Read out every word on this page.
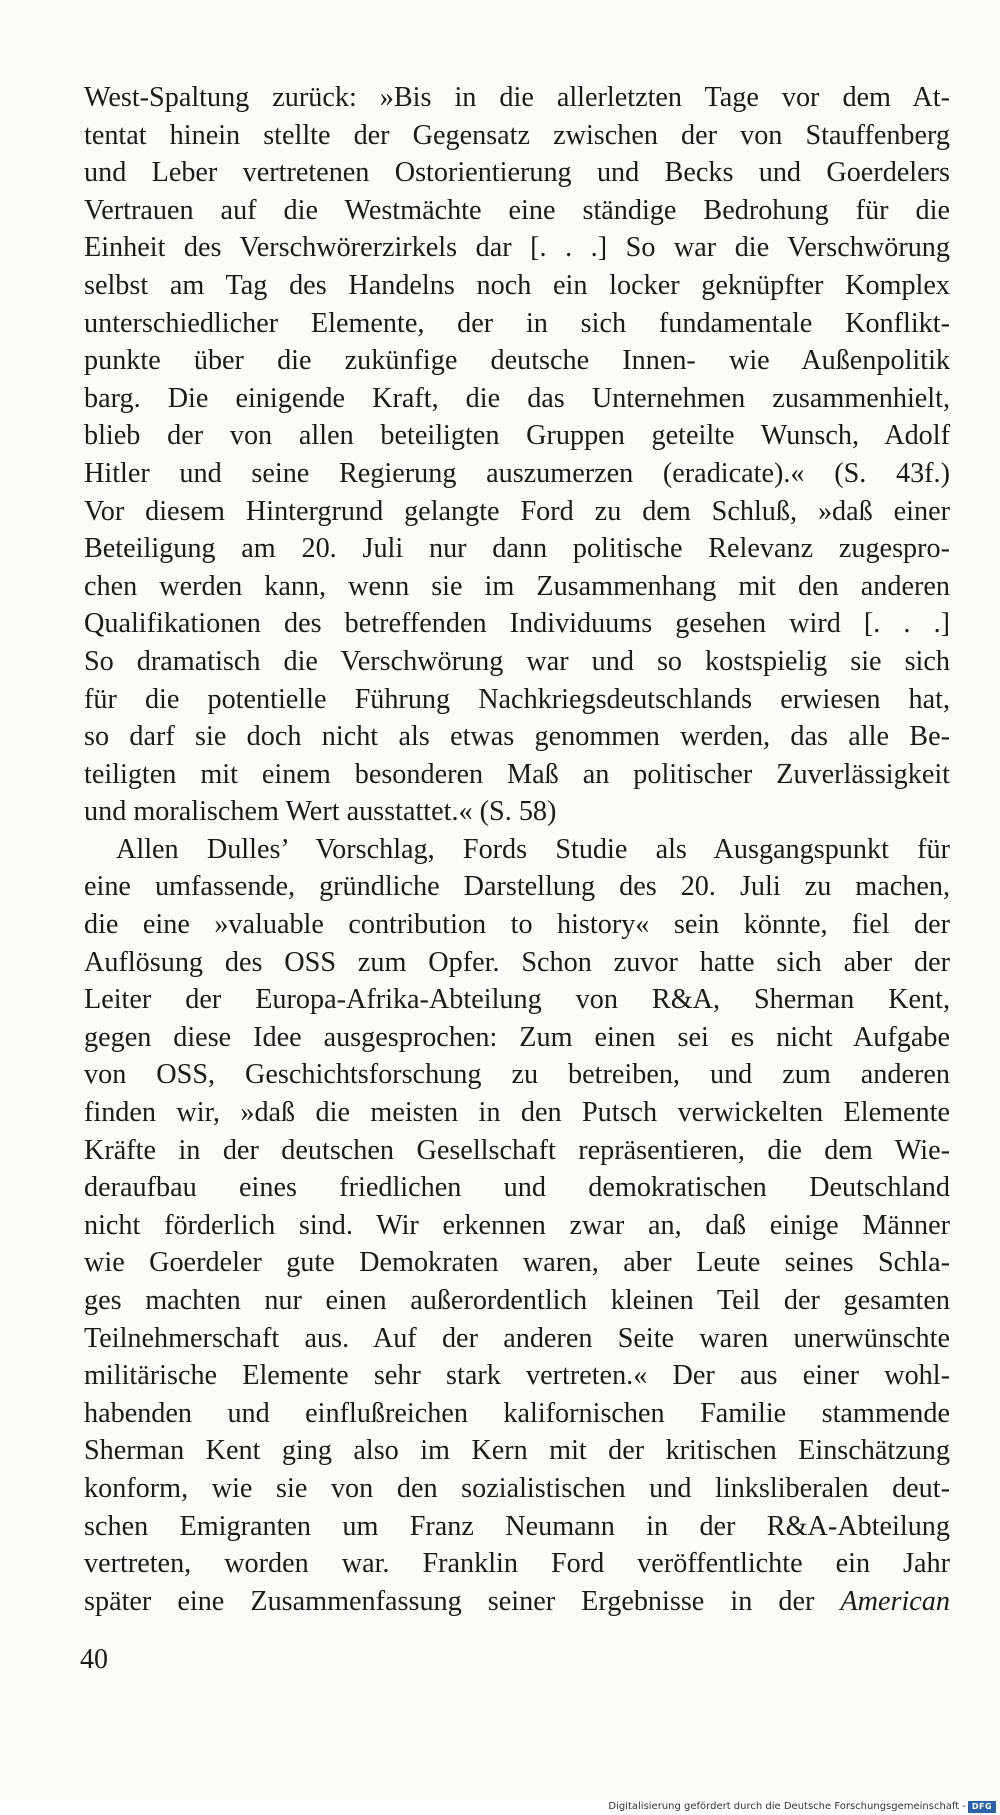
West-Spaltung zurück: »Bis in die allerletzten Tage vor dem At-
tentat hinein stellte der Gegensatz zwischen der von Stauffenberg
und Leber vertretenen Ostorientierung und Becks und Goerdelers
Vertrauen auf die Westmächte eine ständige Bedrohung für die
Einheit des Verschwörerzirkels dar [. . .] So war die Verschwörung
selbst am Tag des Handelns noch ein locker geknüpfter Komplex
unterschiedlicher Elemente, der in sich fundamentale Konflikt-
punkte über die zukünfige deutsche Innen- wie Außenpolitik
barg. Die einigende Kraft, die das Unternehmen zusammenhielt,
blieb der von allen beteiligten Gruppen geteilte Wunsch, Adolf
Hitler und seine Regierung auszumerzen (eradicate).« (S. 43f.)
Vor diesem Hintergrund gelangte Ford zu dem Schluß, »daß einer
Beteiligung am 20. Juli nur dann politische Relevanz zugespro-
chen werden kann, wenn sie im Zusammenhang mit den anderen
Qualifikationen des betreffenden Individuums gesehen wird [. . .]
So dramatisch die Verschwörung war und so kostspielig sie sich
für die potentielle Führung Nachkriegsdeutschlands erwiesen hat,
so darf sie doch nicht als etwas genommen werden, das alle Be-
teiligten mit einem besonderen Maß an politischer Zuverlässigkeit
und moralischem Wert ausstattet.« (S. 58)
Allen Dulles’ Vorschlag, Fords Studie als Ausgangspunkt für
eine umfassende, gründliche Darstellung des 20. Juli zu machen,
die eine »valuable contribution to history« sein könnte, fiel der
Auflösung des OSS zum Opfer. Schon zuvor hatte sich aber der
Leiter der Europa-Afrika-Abteilung von R&A, Sherman Kent,
gegen diese Idee ausgesprochen: Zum einen sei es nicht Aufgabe
von OSS, Geschichtsforschung zu betreiben, und zum anderen
finden wir, »daß die meisten in den Putsch verwickelten Elemente
Kräfte in der deutschen Gesellschaft repräsentieren, die dem Wie-
deraufbau eines friedlichen und demokratischen Deutschland
nicht förderlich sind. Wir erkennen zwar an, daß einige Männer
wie Goerdeler gute Demokraten waren, aber Leute seines Schla-
ges machten nur einen außerordentlich kleinen Teil der gesamten
Teilnehmerschaft aus. Auf der anderen Seite waren unerwünschte
militärische Elemente sehr stark vertreten.« Der aus einer wohl-
habenden und einflußreichen kalifornischen Familie stammende
Sherman Kent ging also im Kern mit der kritischen Einschätzung
konform, wie sie von den sozialistischen und linksliberalen deut-
schen Emigranten um Franz Neumann in der R&A-Abteilung
vertreten, worden war. Franklin Ford veröffentlichte ein Jahr
später eine Zusammenfassung seiner Ergebnisse in der American
40
Digitalisierung gefördert durch die Deutsche Forschungsgemeinschaft - DFG
